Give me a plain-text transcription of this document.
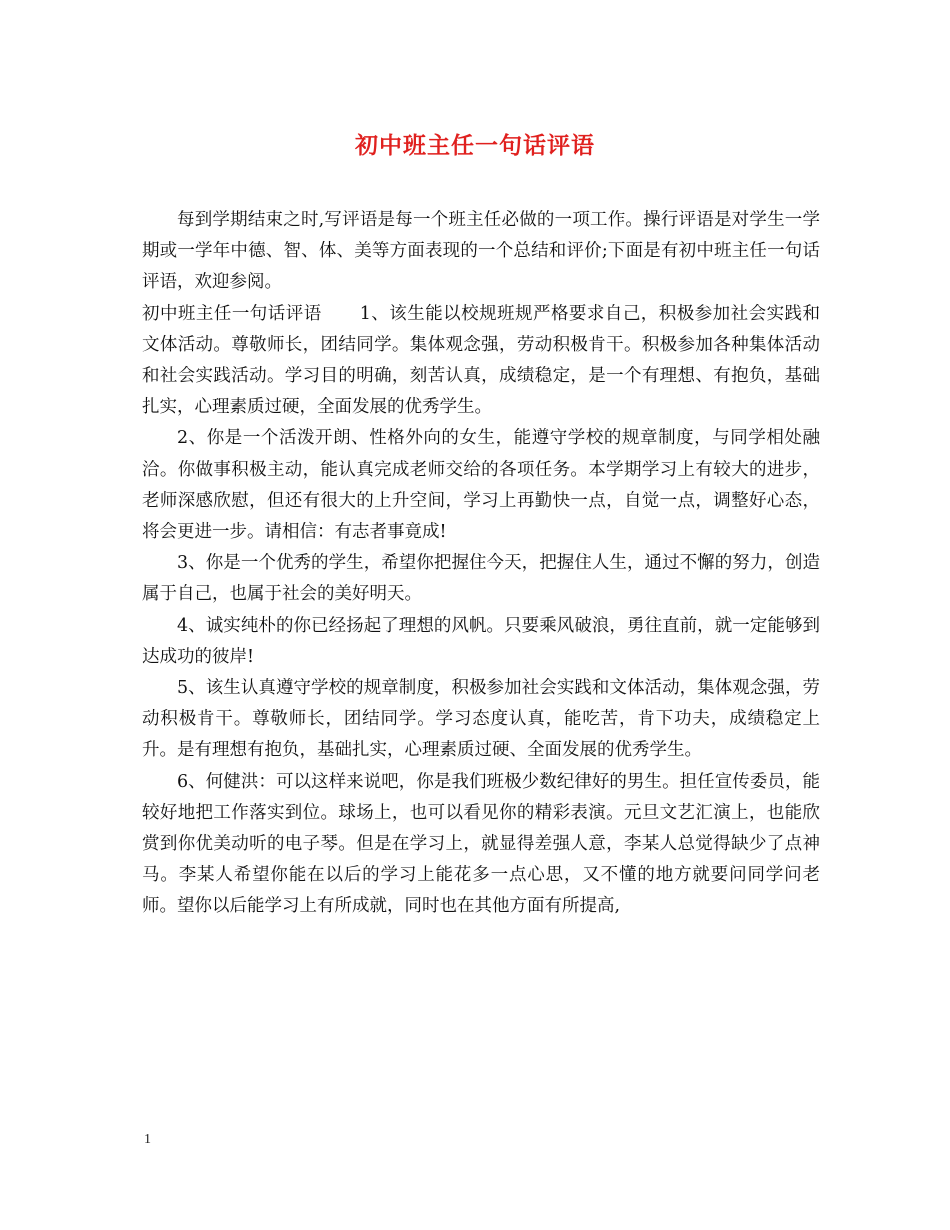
初中班主任一句话评语

每到学期结束之时,写评语是每一个班主任必做的一项工作。操行评语是对学生一学期或一学年中德、智、体、美等方面表现的一个总结和评价;下面是有初中班主任一句话评语，欢迎参阅。

初中班主任一句话评语 1、该生能以校规班规严格要求自己，积极参加社会实践和文体活动。尊敬师长，团结同学。集体观念强，劳动积极肯干。积极参加各种集体活动和社会实践活动。学习目的明确，刻苦认真，成绩稳定，是一个有理想、有抱负，基础扎实，心理素质过硬，全面发展的优秀学生。

2、你是一个活泼开朗、性格外向的女生，能遵守学校的规章制度，与同学相处融洽。你做事积极主动，能认真完成老师交给的各项任务。本学期学习上有较大的进步，老师深感欣慰，但还有很大的上升空间，学习上再勤快一点，自觉一点，调整好心态，将会更进一步。请相信：有志者事竟成!

3、你是一个优秀的学生，希望你把握住今天，把握住人生，通过不懈的努力，创造属于自己，也属于社会的美好明天。

4、诚实纯朴的你已经扬起了理想的风帆。只要乘风破浪，勇往直前，就一定能够到达成功的彼岸!

5、该生认真遵守学校的规章制度，积极参加社会实践和文体活动，集体观念强，劳动积极肯干。尊敬师长，团结同学。学习态度认真，能吃苦，肯下功夫，成绩稳定上升。是有理想有抱负，基础扎实，心理素质过硬、全面发展的优秀学生。

6、何健洪：可以这样来说吧，你是我们班极少数纪律好的男生。担任宣传委员，能较好地把工作落实到位。球场上，也可以看见你的精彩表演。元旦文艺汇演上，也能欣赏到你优美动听的电子琴。但是在学习上，就显得差强人意，李某人总觉得缺少了点神马。李某人希望你能在以后的学习上能花多一点心思，又不懂的地方就要问同学问老师。望你以后能学习上有所成就，同时也在其他方面有所提高,

1
